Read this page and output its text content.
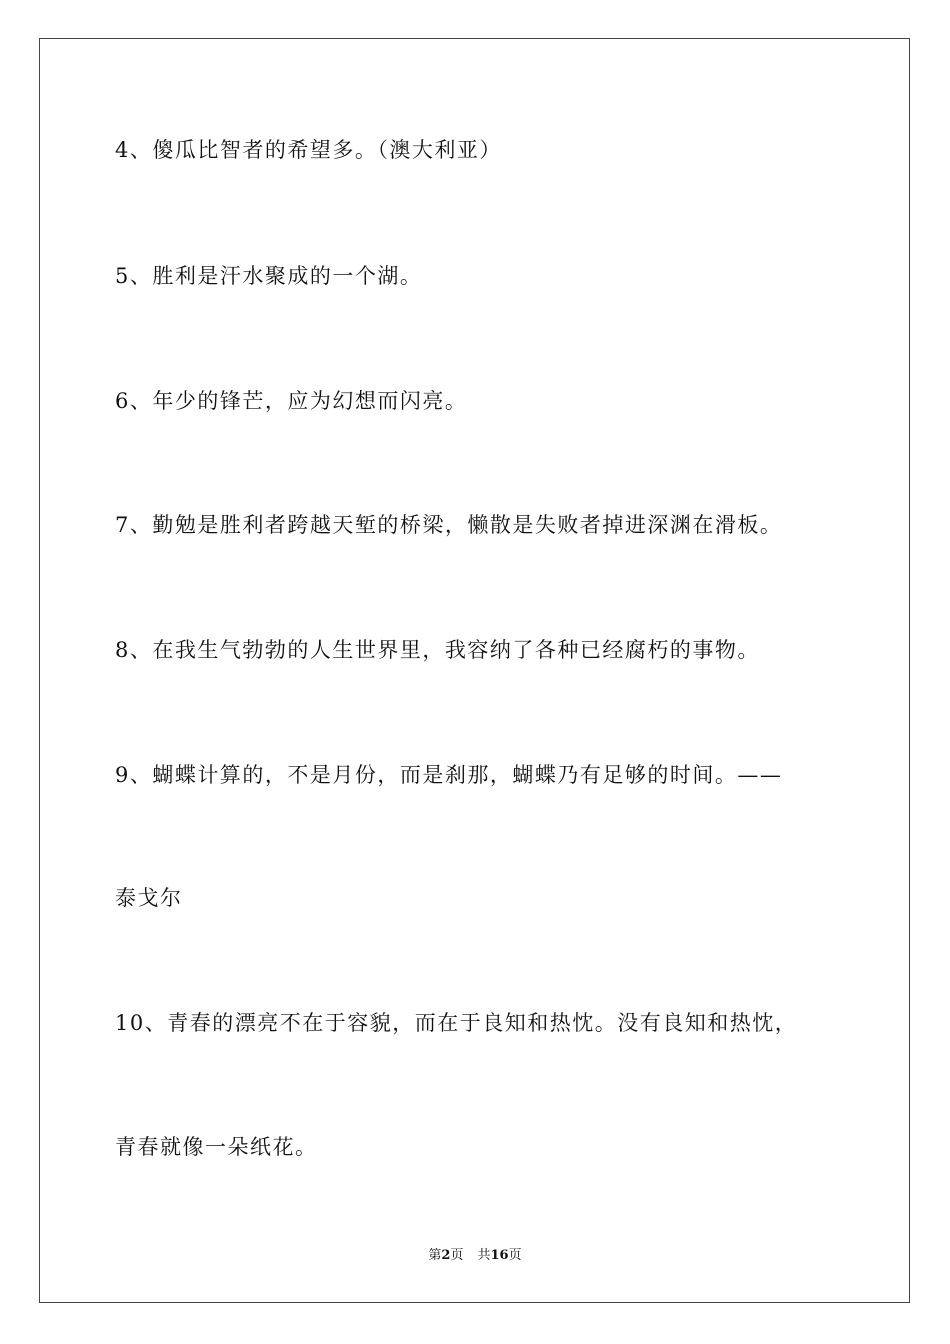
4、傻瓜比智者的希望多。（澳大利亚）
5、胜利是汗水聚成的一个湖。
6、年少的锋芒，应为幻想而闪亮。
7、勤勉是胜利者跨越天堑的桥梁，懒散是失败者掉进深渊在滑板。
8、在我生气勃勃的人生世界里，我容纳了各种已经腐朽的事物。
9、蝴蝶计算的，不是月份，而是刹那，蝴蝶乃有足够的时间。——
泰戈尔
10、青春的漂亮不在于容貌，而在于良知和热忱。没有良知和热忱，
青春就像一朵纸花。
第2页 共16页
